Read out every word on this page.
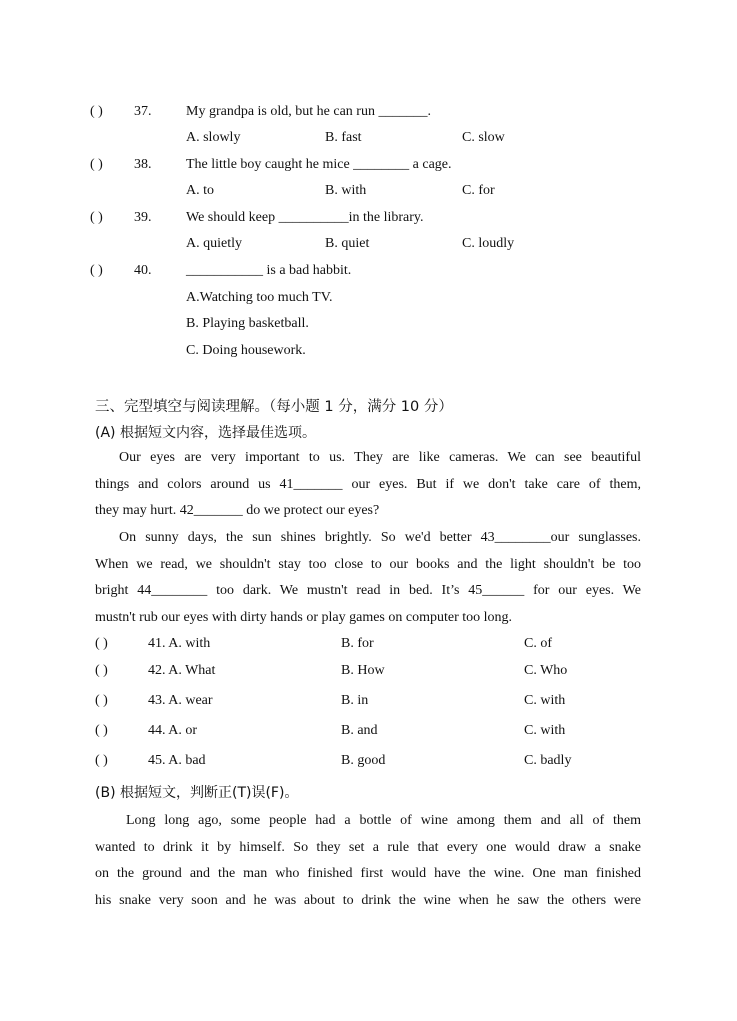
( ) 37. My grandpa is old, but he can run _______.
A. slowly	B. fast	C. slow
( ) 38. The little boy caught he mice ________ a cage.
A. to	B. with	C. for
( ) 39. We should keep __________in the library.
A. quietly	B. quiet	C. loudly
( ) 40. ___________ is a bad habbit.
A.Watching too much TV.
B. Playing basketball.
C. Doing housework.
三、完型填空与阅读理解。（每小题 1 分，满分 10 分）
(A) 根据短文内容，选择最佳选项。
Our eyes are very important to us. They are like cameras. We can see beautiful
things and colors around us 41_______ our eyes. But if we don't take care of them,
they may hurt. 42_______ do we protect our eyes?
On sunny days, the sun shines brightly. So we'd better 43________our sunglasses.
When we read, we shouldn't stay too close to our books and the light shouldn't be too
bright 44________ too dark. We mustn't read in bed. It’s 45______ for our eyes. We
mustn't rub our eyes with dirty hands or play games on computer too long.
( )	41. A. with	B. for	C. of
( )	42. A. What	B. How	C. Who
( )	43. A. wear	B. in	C. with
( )	44. A. or	B. and	C. with
( )	45. A. bad	B. good	C. badly
(B) 根据短文，判断正(T)误(F)。
Long long ago, some people had a bottle of wine among them and all of them
wanted to drink it by himself. So they set a rule that every one would draw a snake
on the ground and the man who finished first would have the wine. One man finished
his snake very soon and he was about to drink the wine when he saw the others were
